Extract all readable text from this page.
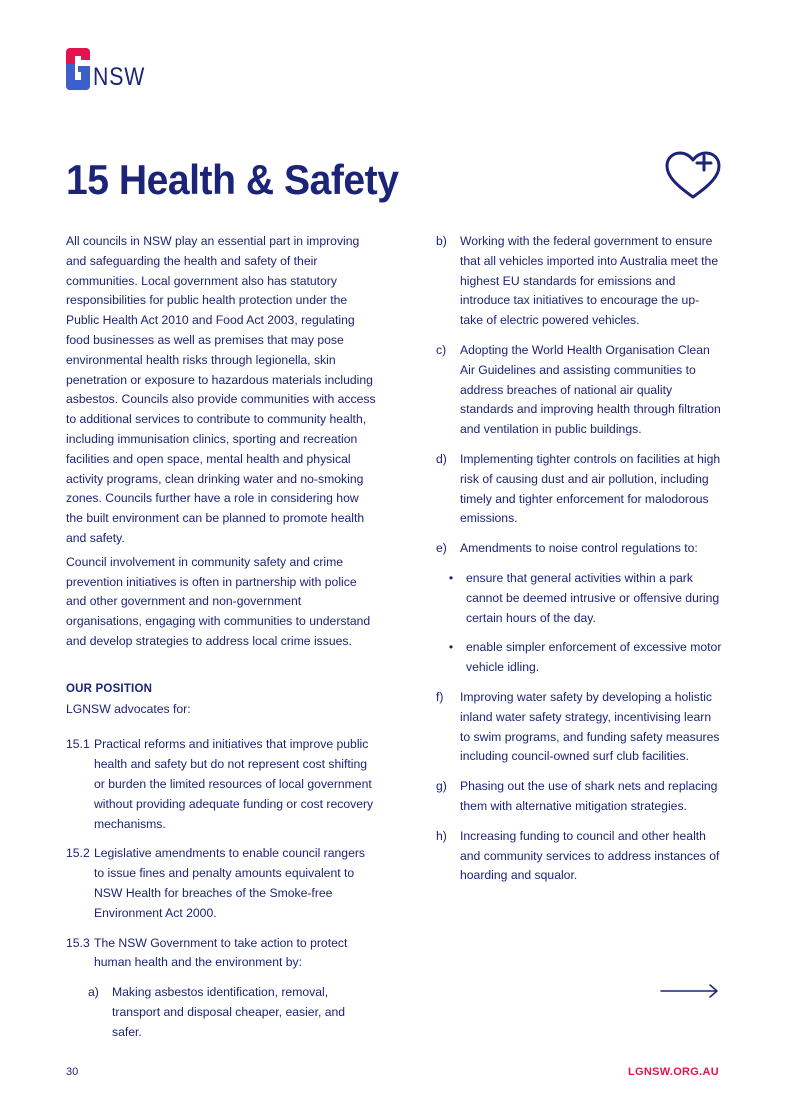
NSW
15 Health & Safety

All councils in NSW play an essential part in improving and safeguarding the health and safety of their communities. Local government also has statutory responsibilities for public health protection under the Public Health Act 2010 and Food Act 2003, regulating food businesses as well as premises that may pose environmental health risks through legionella, skin penetration or exposure to hazardous materials including asbestos. Councils also provide communities with access to additional services to contribute to community health, including immunisation clinics, sporting and recreation facilities and open space, mental health and physical activity programs, clean drinking water and no-smoking zones. Councils further have a role in considering how the built environment can be planned to promote health and safety.

Council involvement in community safety and crime prevention initiatives is often in partnership with police and other government and non-government organisations, engaging with communities to understand and develop strategies to address local crime issues.

OUR POSITION

LGNSW advocates for:

15.1 Practical reforms and initiatives that improve public health and safety but do not represent cost shifting or burden the limited resources of local government without providing adequate funding or cost recovery mechanisms.
15.2 Legislative amendments to enable council rangers to issue fines and penalty amounts equivalent to NSW Health for breaches of the Smoke-free Environment Act 2000.
15.3 The NSW Government to take action to protect human health and the environment by:
a)	Making asbestos identification, removal, transport and disposal cheaper, easier, and safer.
b)	Working with the federal government to ensure that all vehicles imported into Australia meet the highest EU standards for emissions and introduce tax initiatives to encourage the up-take of electric powered vehicles.
c)	Adopting the World Health Organisation Clean Air Guidelines and assisting communities to address breaches of national air quality standards and improving health through filtration and ventilation in public buildings.
d)	Implementing tighter controls on facilities at high risk of causing dust and air pollution, including timely and tighter enforcement for malodorous emissions.
e)	Amendments to noise control regulations to:
•	ensure that general activities within a park cannot be deemed intrusive or offensive during certain hours of the day.
•	enable simpler enforcement of excessive motor vehicle idling.
f)	Improving water safety by developing a holistic inland water safety strategy, incentivising learn to swim programs, and funding safety measures including council-owned surf club facilities.
g)	Phasing out the use of shark nets and replacing them with alternative mitigation strategies.
h)	Increasing funding to council and other health and community services to address instances of hoarding and squalor.
30	LGNSW.ORG.AU
